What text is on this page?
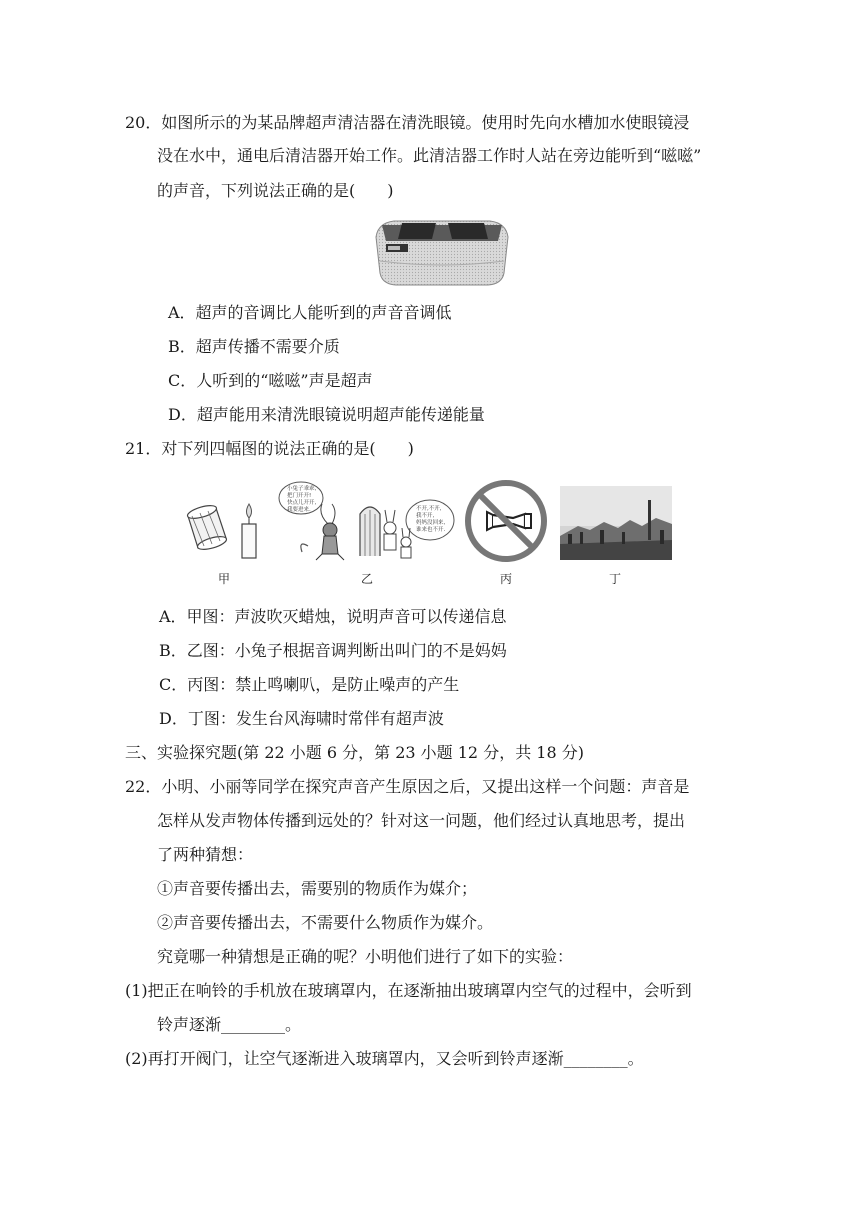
20．如图所示的为某品牌超声清洁器在清洗眼镜。使用时先向水槽加水使眼镜浸
没在水中，通电后清洁器开始工作。此清洁器工作时人站在旁边能听到“嗞嗞”
的声音，下列说法正确的是(　　)
A．超声的音调比人能听到的声音音调低
B．超声传播不需要介质
C．人听到的“嗞嗞”声是超声
D．超声能用来清洗眼镜说明超声能传递能量
21．对下列四幅图的说法正确的是(　　)
小兔子乖乖, 把门开开! 快点儿开开, 我要进来.	不开,不开, 我不开, 妈妈没回来, 谁来也不开.
甲	乙	丙	丁
A．甲图：声波吹灭蜡烛，说明声音可以传递信息
B．乙图：小兔子根据音调判断出叫门的不是妈妈
C．丙图：禁止鸣喇叭，是防止噪声的产生
D．丁图：发生台风海啸时常伴有超声波
三、实验探究题(第 22 小题 6 分，第 23 小题 12 分，共 18 分)
22．小明、小丽等同学在探究声音产生原因之后，又提出这样一个问题：声音是
怎样从发声物体传播到远处的？针对这一问题，他们经过认真地思考，提出
了两种猜想：
①声音要传播出去，需要别的物质作为媒介；
②声音要传播出去，不需要什么物质作为媒介。
究竟哪一种猜想是正确的呢？小明他们进行了如下的实验：
(1)把正在响铃的手机放在玻璃罩内，在逐渐抽出玻璃罩内空气的过程中，会听到
铃声逐渐________。
(2)再打开阀门，让空气逐渐进入玻璃罩内，又会听到铃声逐渐________。
